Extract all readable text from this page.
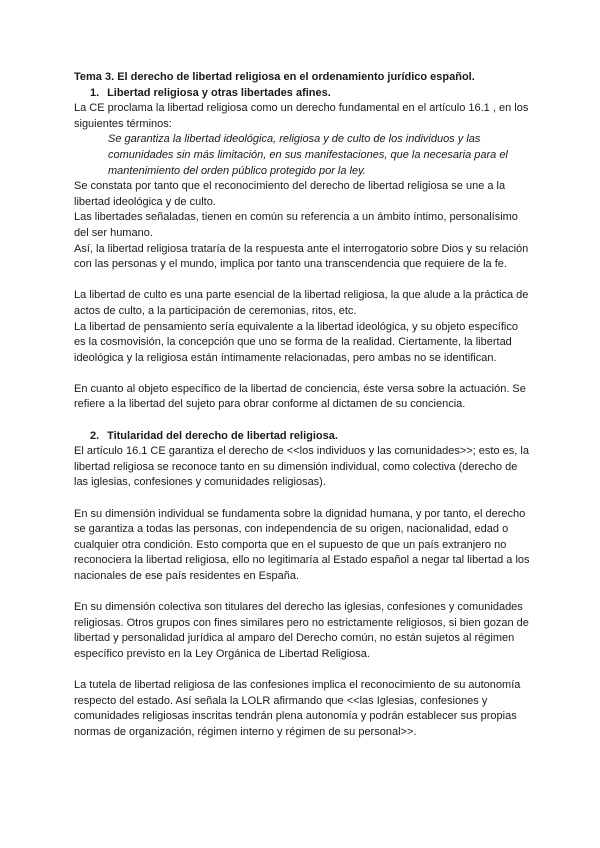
Tema 3. El derecho de libertad religiosa en el ordenamiento jurídico español.

1. Libertad religiosa y otras libertades afines.

La CE proclama la libertad religiosa como un derecho fundamental en el artículo 16.1 , en los siguientes términos:

Se garantiza la libertad ideológica, religiosa y de culto de los individuos y las comunidades sin más limitación, en sus manifestaciones, que la necesaria para el mantenimiento del orden público protegido por la ley.

Se constata por tanto que el reconocimiento del derecho de libertad religiosa se une a la libertad ideológica y de culto.

Las libertades señaladas, tienen en común su referencia a un ámbito íntimo, personalísimo del ser humano.

Así, la libertad religiosa trataría de la respuesta ante el interrogatorio sobre Dios y su relación con las personas y el mundo, implica por tanto una transcendencia que requiere de la fe.

La libertad de culto es una parte esencial de la libertad religiosa, la que alude a la práctica de actos de culto, a la participación de ceremonias, ritos, etc.

La libertad de pensamiento sería equivalente a la libertad ideológica, y su objeto específico es la cosmovisión, la concepción que uno se forma de la realidad. Ciertamente, la libertad ideológica y la religiosa están íntimamente relacionadas, pero ambas no se identifican.

En cuanto al objeto específico de la libertad de conciencia, éste versa sobre la actuación. Se refiere a la libertad del sujeto para obrar conforme al dictamen de su conciencia.

2. Titularidad del derecho de libertad religiosa.

El artículo 16.1 CE garantiza el derecho de <<los individuos y las comunidades>>; esto es, la libertad religiosa se reconoce tanto en su dimensión individual, como colectiva (derecho de las iglesias, confesiones y comunidades religiosas).

En su dimensión individual se fundamenta sobre la dignidad humana, y por tanto, el derecho se garantiza a todas las personas, con independencia de su origen, nacionalidad, edad o cualquier otra condición. Esto comporta que en el supuesto de que un país extranjero no reconociera la libertad religiosa, ello no legitimaría al Estado español a negar tal libertad a los nacionales de ese país residentes en España.

En su dimensión colectiva son titulares del derecho las iglesias, confesiones y comunidades religiosas. Otros grupos con fines similares pero no estrictamente religiosos, si bien gozan de libertad y personalidad jurídica al amparo del Derecho común, no están sujetos al régimen específico previsto en la Ley Orgánica de Libertad Religiosa.

La tutela de libertad religiosa de las confesiones implica el reconocimiento de su autonomía respecto del estado. Así señala la LOLR afirmando que <<las Iglesias, confesiones y comunidades religiosas inscritas tendrán plena autonomía y podrán establecer sus propias normas de organización, régimen interno y régimen de su personal>>.
